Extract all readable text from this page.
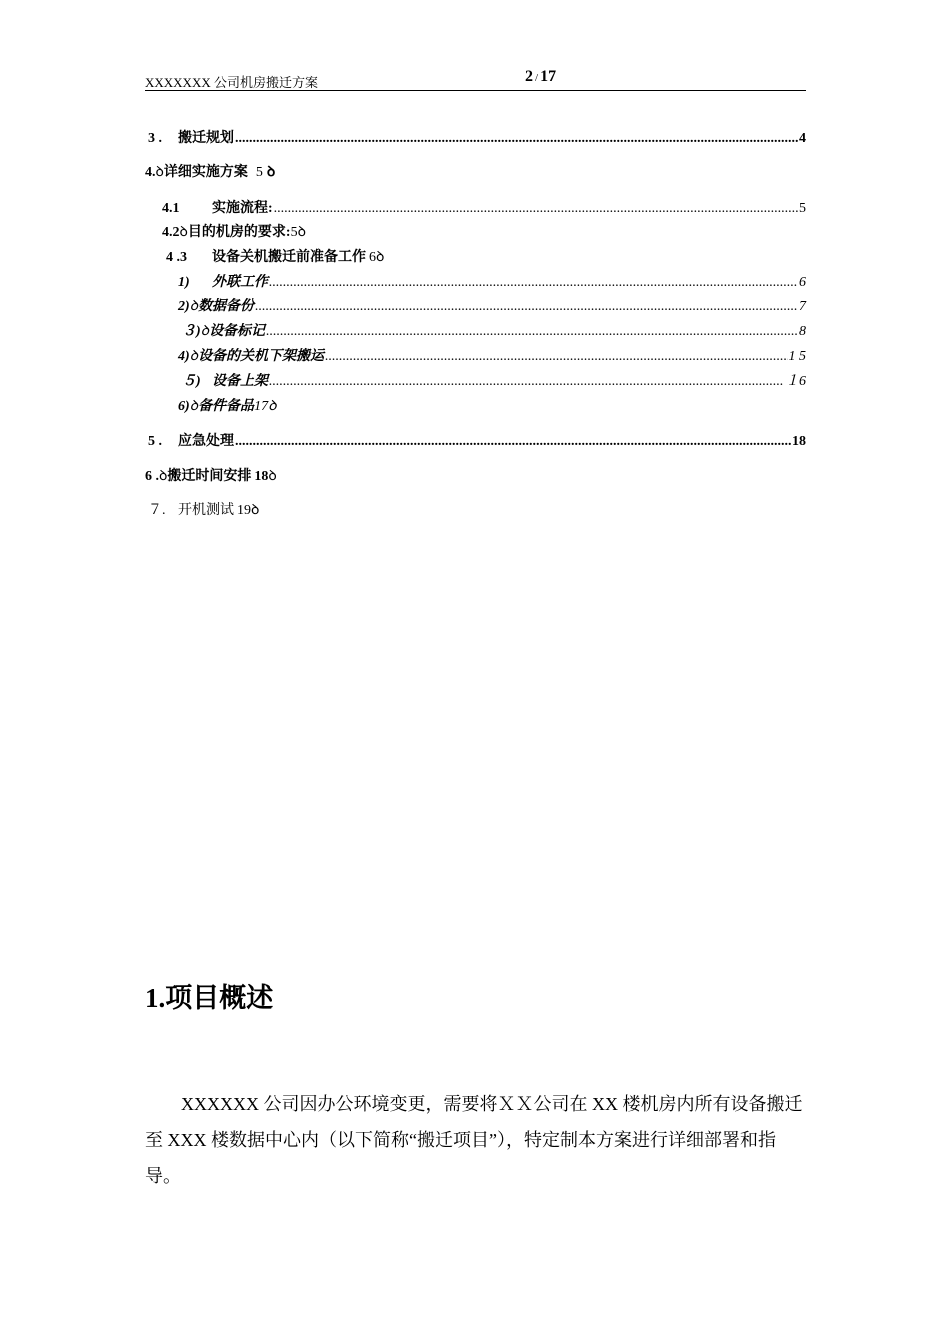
XXXXXXX 公司机房搬迁方案	2 / 17
3 .	搬迁规划 .....	4
4. ꝺ 详细实施方案 5 ꝺ
4.1	实施流程: .....	5
4.2 ꝺ 目的机房的要求: 5 ꝺ
4 .3	设备关机搬迁前准备工作 6 ꝺ
1)	外联工作 .....	6
2) ꝺ 数据备份 .....	7
３) ꝺ 设备标记 .....	8
4) ꝺ 设备的关机下架搬运 .....	1 5
５) 设备上架 .....	１6
6) ꝺ 备件备品 17 ꝺ
5 .	应急处理 .....	18
6 . ꝺ 搬迁时间安排 18 ꝺ
７. 开机测试 19 ꝺ
1.项目概述
XXXXXX 公司因办公环境变更，需要将ＸＸ公司在 XX 楼机房内所有设备搬迁至 XXX 楼数据中心内（以下简称“搬迁项目”），特定制本方案进行详细部署和指导。
